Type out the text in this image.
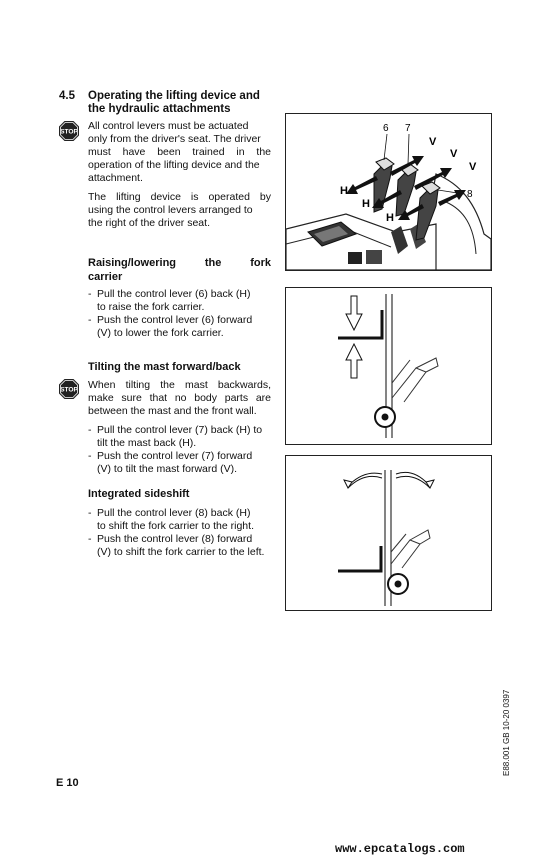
4.5 Operating the lifting device and
the hydraulic attachments
STOP
All control levers must be actuated
only from the driver's seat. The driver
must have been trained in the
operation of the lifting device and the
attachment.
The lifting device is operated by
using the control levers arranged to
the right of the driver seat.
Raising/lowering the fork
carrier
- Pull the control lever (6) back (H)
to raise the fork carrier.
- Push the control lever (6) forward
(V) to lower the fork carrier.
Tilting the mast forward/back
STOP When tilting the mast backwards,
make sure that no body parts are
between the mast and the front wall.
- Pull the control lever (7) back (H) to
tilt the mast back (H).
- Push the control lever (7) forward
(V) to tilt the mast forward (V).
Integrated sideshift
- Pull the control lever (8) back (H)
to shift the fork carrier to the right.
- Push the control lever (8) forward
(V) to shift the fork carrier to the left.
6 7
8
V
V
V
H
H
H
E 10
E88.001 GB 10-20 0397
www.epcatalogs.com
